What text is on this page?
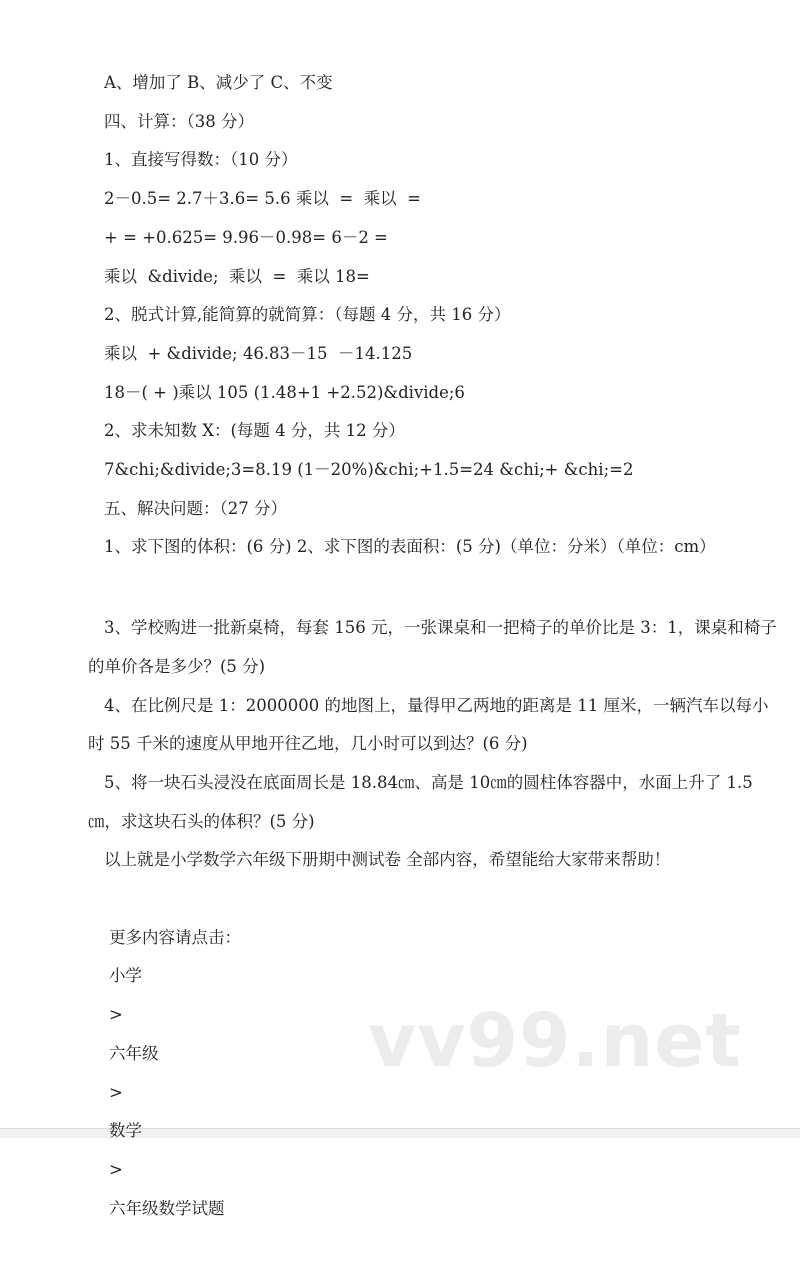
A、增加了 B、减少了 C、不变

四、计算：（38 分）

1、直接写得数：（10 分）

2－0.5= 2.7＋3.6= 5.6 乘以  =  乘以  =

+ = +0.625= 9.96－0.98= 6－2 =

乘以  &divide;  乘以  =  乘以 18=

2、脱式计算,能简算的就简算：（每题 4 分，共 16 分）

乘以  + &divide; 46.83－15  －14.125

18－( + )乘以 105 (1.48+1 +2.52)&divide;6

2、求未知数 X：(每题 4 分，共 12 分）

7&chi;&divide;3=8.19 (1－20%)&chi;+1.5=24 &chi;+ &chi;=2

五、解决问题：（27 分）

1、求下图的体积：(6 分) 2、求下图的表面积：(5 分)（单位：分米）（单位：cm）

3、学校购进一批新桌椅，每套 156 元，一张课桌和一把椅子的单价比是 3：1，课桌和椅子的单价各是多少？(5 分)

4、在比例尺是 1：2000000 的地图上，量得甲乙两地的距离是 11 厘米，一辆汽车以每小时 55 千米的速度从甲地开往乙地，几小时可以到达？(6 分)

5、将一块石头浸没在底面周长是 18.84㎝、高是 10㎝的圆柱体容器中，水面上升了 1.5㎝，求这块石头的体积？(5 分)

以上就是小学数学六年级下册期中测试卷 全部内容，希望能给大家带来帮助！

更多内容请点击：
小学
>
六年级
>
数学
>
六年级数学试题

vv99.net
